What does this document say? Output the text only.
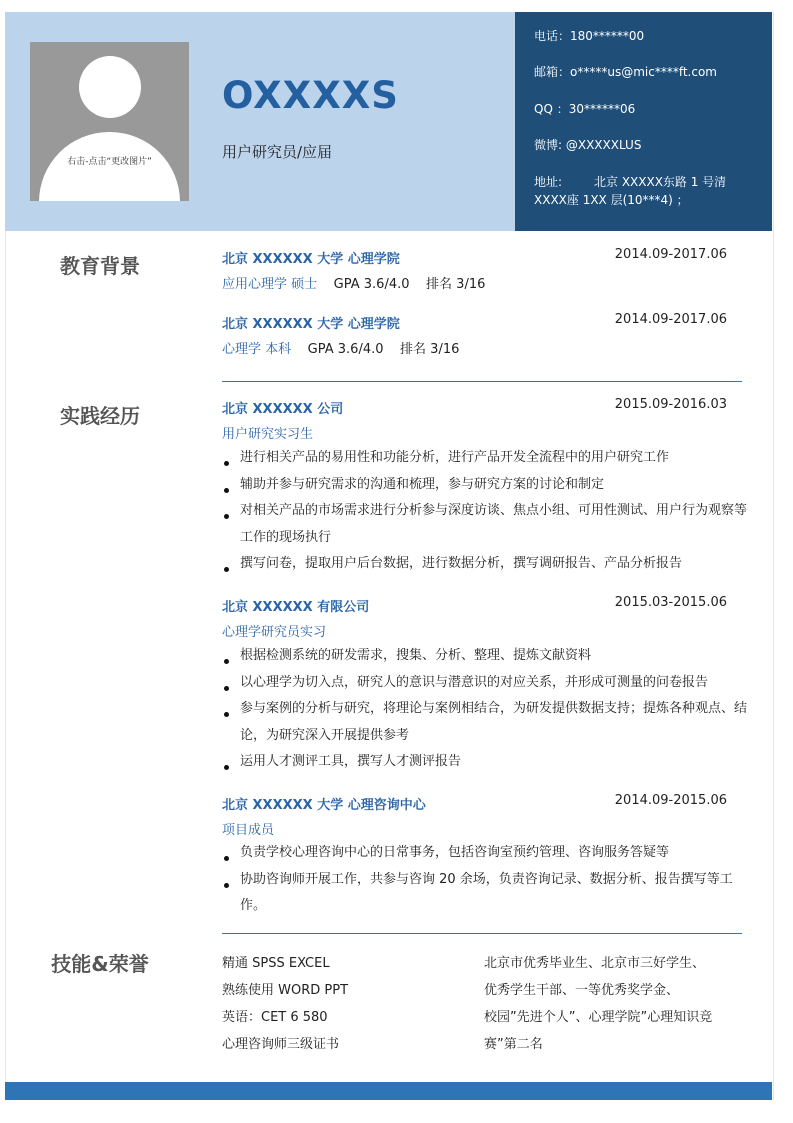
右击-点击“更改图片”
OXXXXS
用户研究员/应届
电话：180******00
邮箱：o*****us@mic****ft.com
QQ ：30******06
微博: @XXXXXLUS
地址:	北京 XXXXX东路 1 号清
XXXX座 1XX 层(10***4) ；
教育背景	北京 XXXXXX 大学 心理学院	2014.09-2017.06
应用心理学 硕士 GPA 3.6/4.0 排名 3/16
北京 XXXXXX 大学 心理学院	2014.09-2017.06
心理学 本科 GPA 3.6/4.0 排名 3/16
实践经历	北京 XXXXXX 公司	2015.09-2016.03
用户研究实习生
进行相关产品的易用性和功能分析，进行产品开发全流程中的用户研究工作
辅助并参与研究需求的沟通和梳理，参与研究方案的讨论和制定
对相关产品的市场需求进行分析参与深度访谈、焦点小组、可用性测试、用户行为观察等工作的现场执行
撰写问卷，提取用户后台数据，进行数据分析，撰写调研报告、产品分析报告
北京 XXXXXX 有限公司	2015.03-2015.06
心理学研究员实习
根据检测系统的研发需求，搜集、分析、整理、提炼文献资料
以心理学为切入点，研究人的意识与潜意识的对应关系，并形成可测量的问卷报告
参与案例的分析与研究，将理论与案例相结合，为研发提供数据支持；提炼各种观点、结论，为研究深入开展提供参考
运用人才测评工具，撰写人才测评报告
北京 XXXXXX 大学 心理咨询中心	2014.09-2015.06
项目成员
负责学校心理咨询中心的日常事务，包括咨询室预约管理、咨询服务答疑等
协助咨询师开展工作，共参与咨询 20 余场，负责咨询记录、数据分析、报告撰写等工作。
技能&荣誉	精通 SPSS EXCEL
熟练使用 WORD PPT
英语：CET 6 580
心理咨询师三级证书
北京市优秀毕业生、北京市三好学生、
优秀学生干部、一等优秀奖学金、
校园”先进个人”、心理学院”心理知识竞
赛”第二名
